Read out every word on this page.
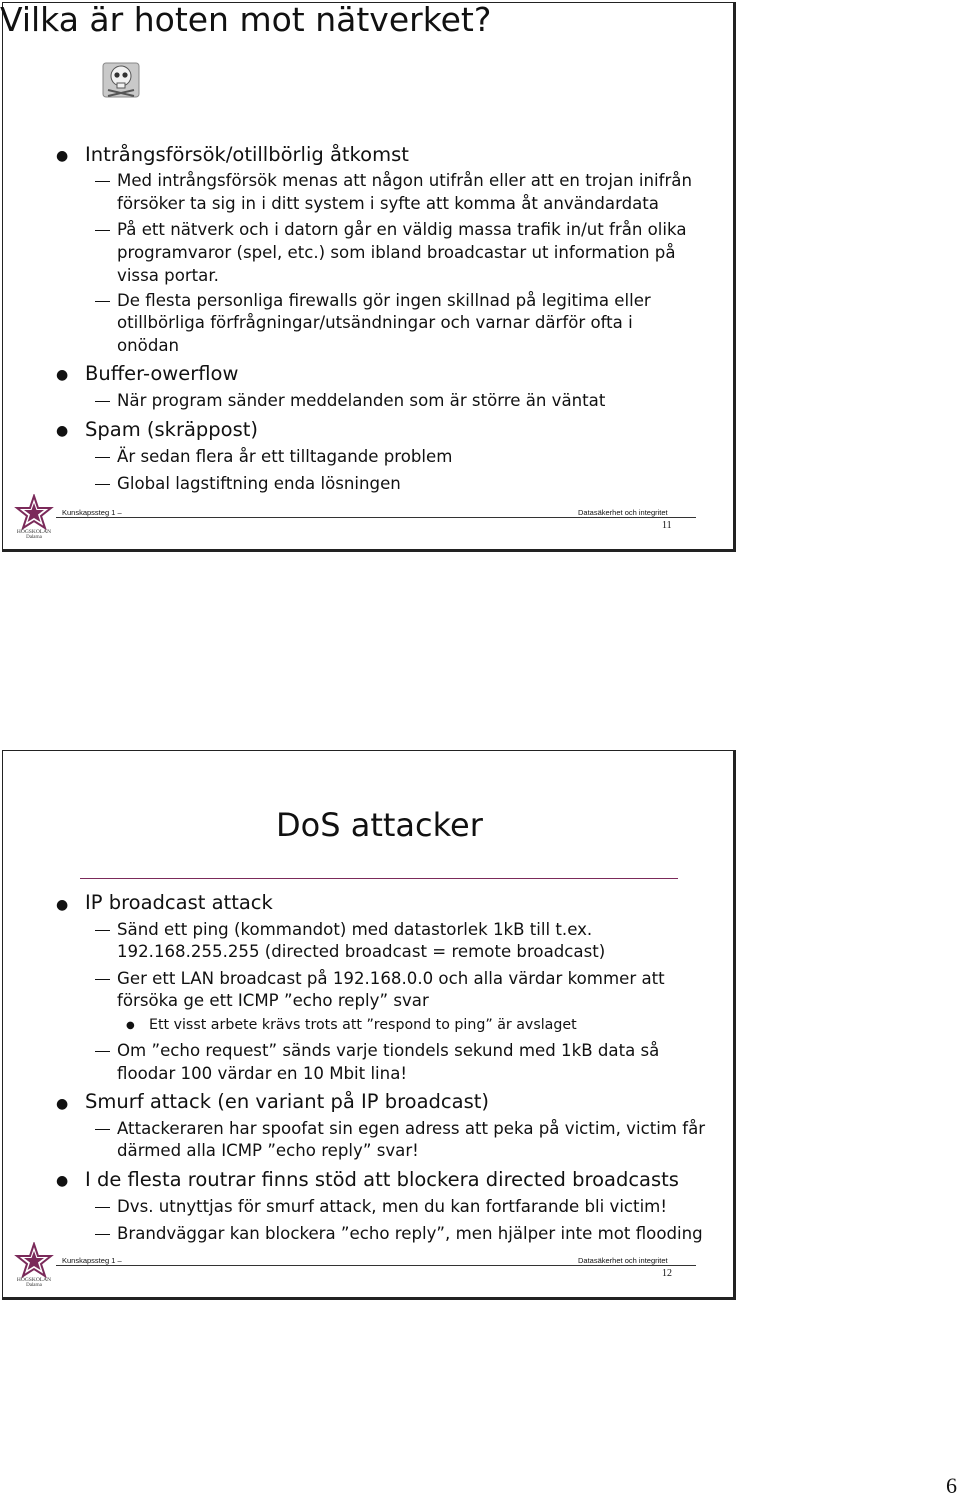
Vilka är hoten mot nätverket?
● Intrångsförsök/otillbörlig åtkomst
Med intrångsförsök menas att någon utifrån eller att en trojan inifrån
försöker ta sig in i ditt system i syfte att komma åt användardata
På ett nätverk och i datorn går en väldig massa trafik in/ut från olika
programvaror (spel, etc.) som ibland broadcastar ut information på
vissa portar.
De flesta personliga firewalls gör ingen skillnad på legitima eller
otillbörliga förfrågningar/utsändningar och varnar därför ofta i
onödan
● Buffer-owerflow
När program sänder meddelanden som är större än väntat
● Spam (skräppost)
Är sedan flera år ett tilltagande problem
Global lagstiftning enda lösningen
HÖGSKOLAN
Dalarna
Kunskapssteg 1 –	Datasäkerhet och integritet
11
DoS attacker
● IP broadcast attack
Sänd ett ping (kommandot) med datastorlek 1kB till t.ex.
192.168.255.255 (directed broadcast = remote broadcast)
Ger ett LAN broadcast på 192.168.0.0 och alla värdar kommer att
försöka ge ett ICMP ”echo reply” svar
● Ett visst arbete krävs trots att ”respond to ping” är avslaget
Om ”echo request” sänds varje tiondels sekund med 1kB data så
floodar 100 värdar en 10 Mbit lina!
● Smurf attack (en variant på IP broadcast)
Attackeraren har spoofat sin egen adress att peka på victim, victim får
därmed alla ICMP ”echo reply” svar!
● I de flesta routrar finns stöd att blockera directed broadcasts
Dvs. utnyttjas för smurf attack, men du kan fortfarande bli victim!
Brandväggar kan blockera ”echo reply”, men hjälper inte mot flooding
HÖGSKOLAN
Dalarna
Kunskapssteg 1 –	Datasäkerhet och integritet
12
6
